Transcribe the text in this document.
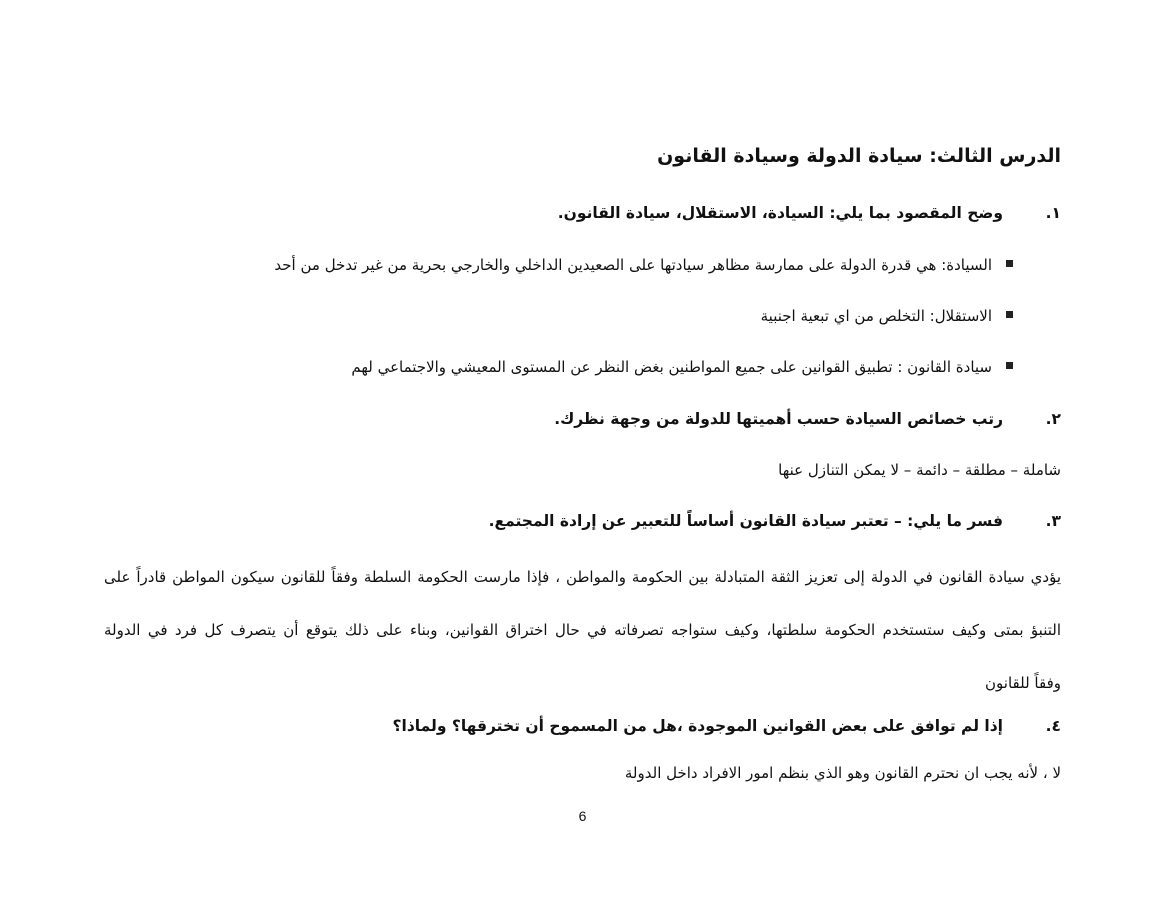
الدرس الثالث: سيادة الدولة وسيادة القانون
١.وضح المقصود بما يلي: السيادة، الاستقلال، سيادة القانون.
السيادة: هي قدرة الدولة على ممارسة مظاهر سيادتها على الصعيدين الداخلي والخارجي بحرية من غير تدخل من أحد
الاستقلال: التخلص من اي تبعية اجنبية
سيادة القانون : تطبيق القوانين على جميع المواطنين بغض النظر عن المستوى المعيشي والاجتماعي لهم
٢.رتب خصائص السيادة حسب أهميتها للدولة من وجهة نظرك.
شاملة – مطلقة – دائمة – لا يمكن التنازل عنها
٣.فسر ما يلي: – تعتبر سيادة القانون أساساً للتعبير عن إرادة المجتمع.
يؤدي سيادة القانون في الدولة إلى تعزيز الثقة المتبادلة بين الحكومة والمواطن ، فإذا مارست الحكومة السلطة وفقاً للقانون سيكون المواطن قادراً على
التنبؤ بمتى وكيف ستستخدم الحكومة سلطتها، وكيف ستواجه تصرفاته في حال اختراق القوانين، وبناء على ذلك يتوقع أن يتصرف كل فرد في الدولة
وفقاً للقانون
٤.إذا لم توافق على بعض القوانين الموجودة ،هل من المسموح أن تخترقها؟ ولماذا؟
لا ، لأنه يجب ان نحترم القانون وهو الذي بنظم امور الافراد داخل الدولة
6
